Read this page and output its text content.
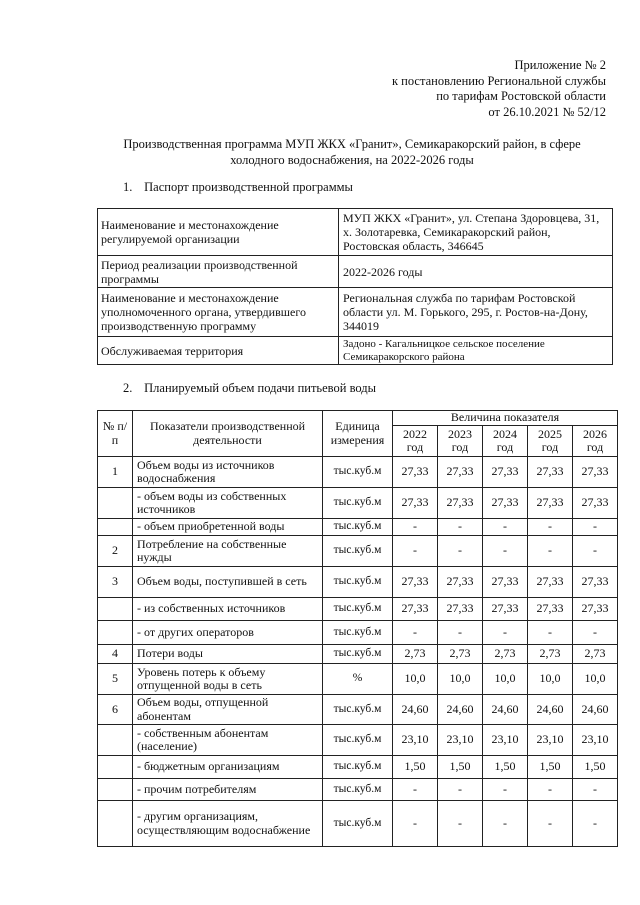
Приложение № 2
к постановлению Региональной службы
по тарифам Ростовской области
от 26.10.2021 № 52/12
Производственная программа МУП ЖКХ «Гранит», Семикаракорский район, в сфере
холодного водоснабжения, на 2022-2026 годы
1. Паспорт производственной программы
Наименование и местонахождение регулируемой организации	МУП ЖКХ «Гранит», ул. Степана Здоровцева, 31, х. Золотаревка, Семикаракорский район, Ростовская область, 346645
Период реализации производственной программы	2022-2026 годы
Наименование и местонахождение уполномоченного органа, утвердившего производственную программу	Региональная служба по тарифам Ростовской области ул. М. Горького, 295, г. Ростов-на-Дону, 344019
Обслуживаемая территория	Задоно - Кагальницкое сельское поселение Семикаракорского района
2. Планируемый объем подачи питьевой воды
№ п/п	Показатели производственной деятельности	Единица измерения	Величина показателя				
			2022 год	2023 год	2024 год	2025 год	2026 год
1	Объем воды из источников водоснабжения	тыс.куб.м	27,33	27,33	27,33	27,33	27,33
	- объем воды из собственных источников	тыс.куб.м	27,33	27,33	27,33	27,33	27,33
	- объем приобретенной воды	тыс.куб.м	-	-	-	-	-
2	Потребление на собственные нужды	тыс.куб.м	-	-	-	-	-
3	Объем воды, поступившей в сеть	тыс.куб.м	27,33	27,33	27,33	27,33	27,33
	- из собственных источников	тыс.куб.м	27,33	27,33	27,33	27,33	27,33
	- от других операторов	тыс.куб.м	-	-	-	-	-
4	Потери воды	тыс.куб.м	2,73	2,73	2,73	2,73	2,73
5	Уровень потерь к объему отпущенной воды в сеть	%	10,0	10,0	10,0	10,0	10,0
6	Объем воды, отпущенной абонентам	тыс.куб.м	24,60	24,60	24,60	24,60	24,60
	- собственным абонентам (население)	тыс.куб.м	23,10	23,10	23,10	23,10	23,10
	- бюджетным организациям	тыс.куб.м	1,50	1,50	1,50	1,50	1,50
	- прочим потребителям	тыс.куб.м	-	-	-	-	-
	- другим организациям, осуществляющим водоснабжение	тыс.куб.м	-	-	-	-	-
